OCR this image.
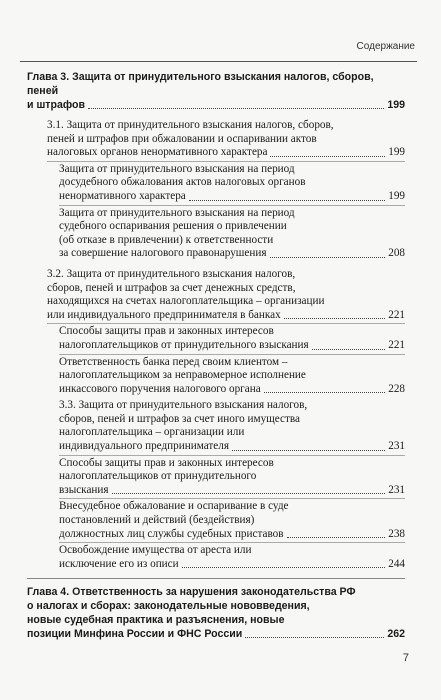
Содержание
Глава 3. Защита от принудительного взыскания налогов, сборов, пеней
и штрафов	199
3.1. Защита от принудительного взыскания налогов, сборов,
пеней и штрафов при обжаловании и оспаривании актов
налоговых органов ненормативного характера	199
Защита от принудительного взыскания на период
досудебного обжалования актов налоговых органов
ненормативного характера	199
Защита от принудительного взыскания на период
судебного оспаривания решения о привлечении
(об отказе в привлечении) к ответственности
за совершение налогового правонарушения	208
3.2. Защита от принудительного взыскания налогов,
сборов, пеней и штрафов за счет денежных средств,
находящихся на счетах налогоплательщика – организации
или индивидуального предпринимателя в банках	221
Способы защиты прав и законных интересов
налогоплательщиков от принудительного взыскания	221
Ответственность банка перед своим клиентом –
налогоплательщиком за неправомерное исполнение
инкассового поручения налогового органа	228
3.3. Защита от принудительного взыскания налогов,
сборов, пеней и штрафов за счет иного имущества
налогоплательщика – организации или
индивидуального предпринимателя	231
Способы защиты прав и законных интересов
налогоплательщиков от принудительного
взыскания	231
Внесудебное обжалование и оспаривание в суде
постановлений и действий (бездействия)
должностных лиц службы судебных приставов	238
Освобождение имущества от ареста или
исключение его из описи	244
Глава 4. Ответственность за нарушения законодательства РФ
о налогах и сборах: законодательные нововведения,
новые судебная практика и разъяснения, новые
позиции Минфина России и ФНС России	262
7
